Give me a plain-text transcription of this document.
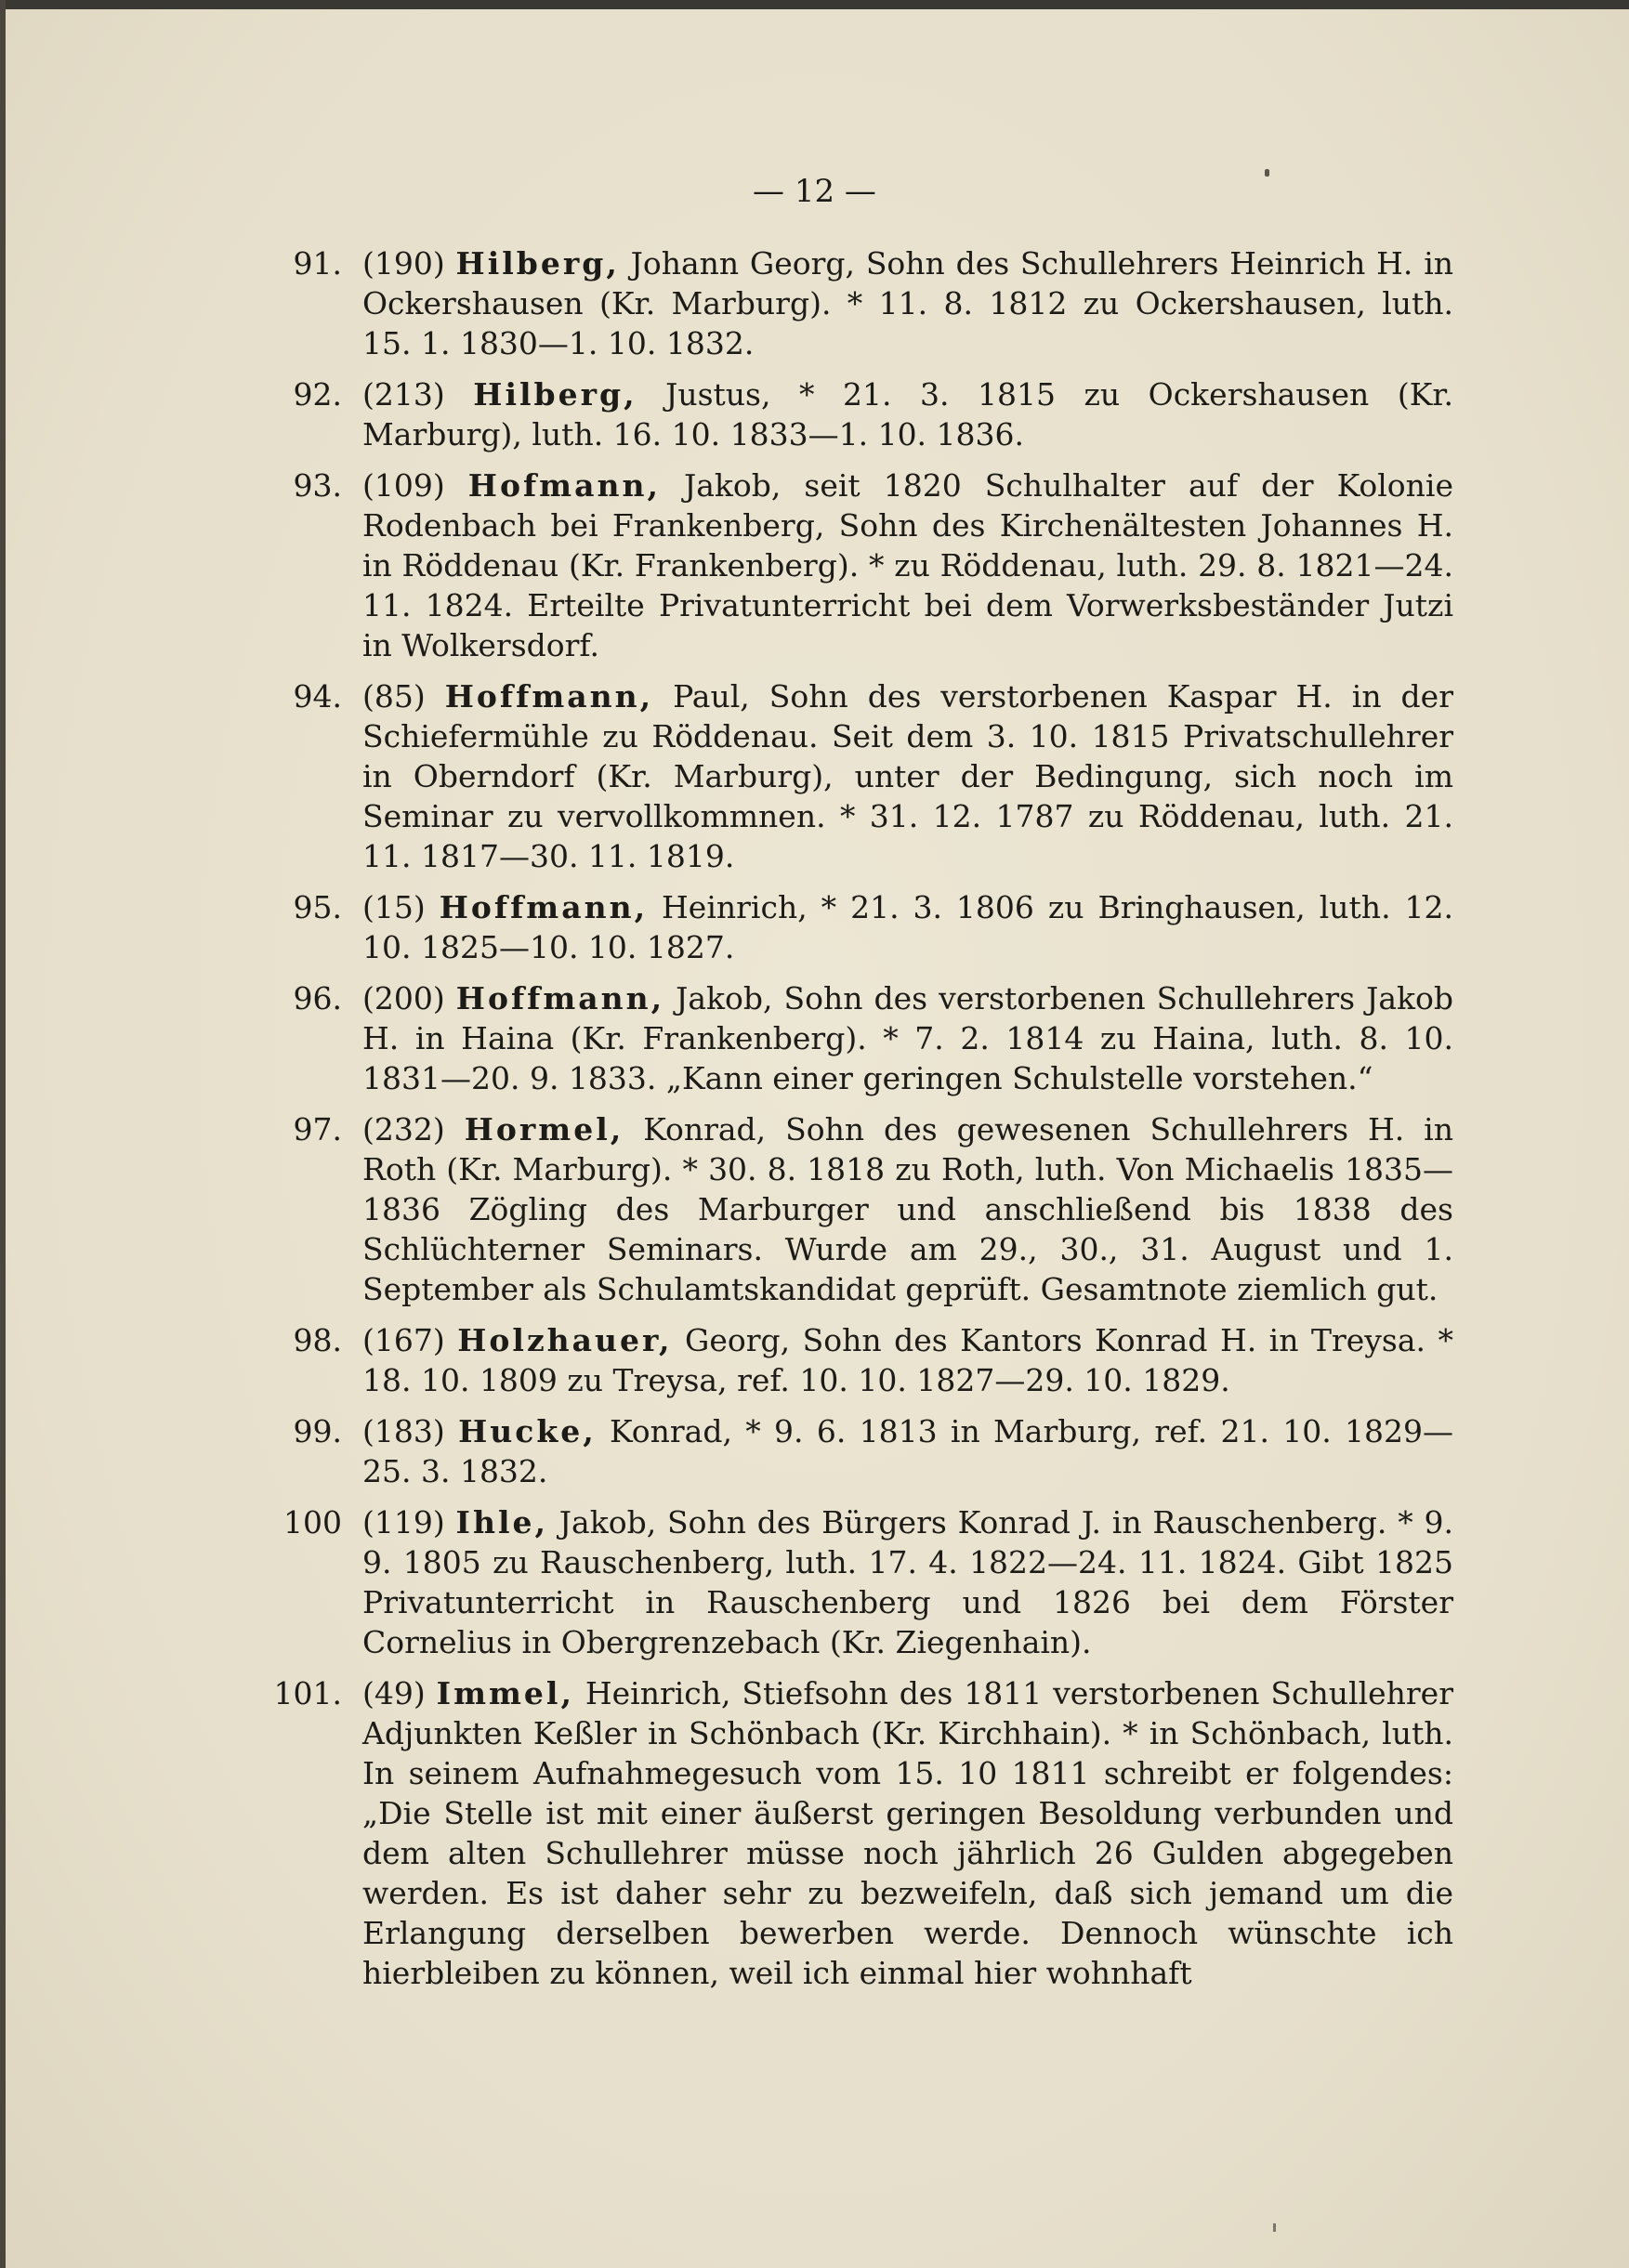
— 12 —
91. (190) Hilberg, Johann Georg, Sohn des Schullehrers Heinrich H. in Ockershausen (Kr. Marburg). * 11. 8. 1812 zu Ockershausen, luth. 15. 1. 1830—1. 10. 1832.
92. (213) Hilberg, Justus, * 21. 3. 1815 zu Ockershausen (Kr. Marburg), luth. 16. 10. 1833—1. 10. 1836.
93. (109) Hofmann, Jakob, seit 1820 Schulhalter auf der Kolonie Rodenbach bei Frankenberg, Sohn des Kirchenältesten Johannes H. in Röddenau (Kr. Frankenberg). * zu Röddenau, luth. 29. 8. 1821—24. 11. 1824. Erteilte Privatunterricht bei dem Vorwerksbeständer Jutzi in Wolkersdorf.
94. (85) Hoffmann, Paul, Sohn des verstorbenen Kaspar H. in der Schiefermühle zu Röddenau. Seit dem 3. 10. 1815 Privatschullehrer in Oberndorf (Kr. Marburg), unter der Bedingung, sich noch im Seminar zu vervollkommnen. * 31. 12. 1787 zu Röddenau, luth. 21. 11. 1817—30. 11. 1819.
95. (15) Hoffmann, Heinrich, * 21. 3. 1806 zu Bringhausen, luth. 12. 10. 1825—10. 10. 1827.
96. (200) Hoffmann, Jakob, Sohn des verstorbenen Schullehrers Jakob H. in Haina (Kr. Frankenberg). * 7. 2. 1814 zu Haina, luth. 8. 10. 1831—20. 9. 1833. „Kann einer geringen Schulstelle vorstehen.“
97. (232) Hormel, Konrad, Sohn des gewesenen Schullehrers H. in Roth (Kr. Marburg). * 30. 8. 1818 zu Roth, luth. Von Michaelis 1835—1836 Zögling des Marburger und anschließend bis 1838 des Schlüchterner Seminars. Wurde am 29., 30., 31. August und 1. September als Schulamtskandidat geprüft. Gesamtnote ziemlich gut.
98. (167) Holzhauer, Georg, Sohn des Kantors Konrad H. in Treysa. * 18. 10. 1809 zu Treysa, ref. 10. 10. 1827—29. 10. 1829.
99. (183) Hucke, Konrad, * 9. 6. 1813 in Marburg, ref. 21. 10. 1829—25. 3. 1832.
100 (119) Ihle, Jakob, Sohn des Bürgers Konrad J. in Rauschenberg. * 9. 9. 1805 zu Rauschenberg, luth. 17. 4. 1822—24. 11. 1824. Gibt 1825 Privatunterricht in Rauschenberg und 1826 bei dem Förster Cornelius in Obergrenzebach (Kr. Ziegenhain).
101. (49) Immel, Heinrich, Stiefsohn des 1811 verstorbenen Schullehrer Adjunkten Keßler in Schönbach (Kr. Kirchhain). * in Schönbach, luth. In seinem Aufnahmegesuch vom 15. 10 1811 schreibt er folgendes: „Die Stelle ist mit einer äußerst geringen Besoldung verbunden und dem alten Schullehrer müsse noch jährlich 26 Gulden abgegeben werden. Es ist daher sehr zu bezweifeln, daß sich jemand um die Erlangung derselben bewerben werde. Dennoch wünschte ich hierbleiben zu können, weil ich einmal hier wohnhaft
